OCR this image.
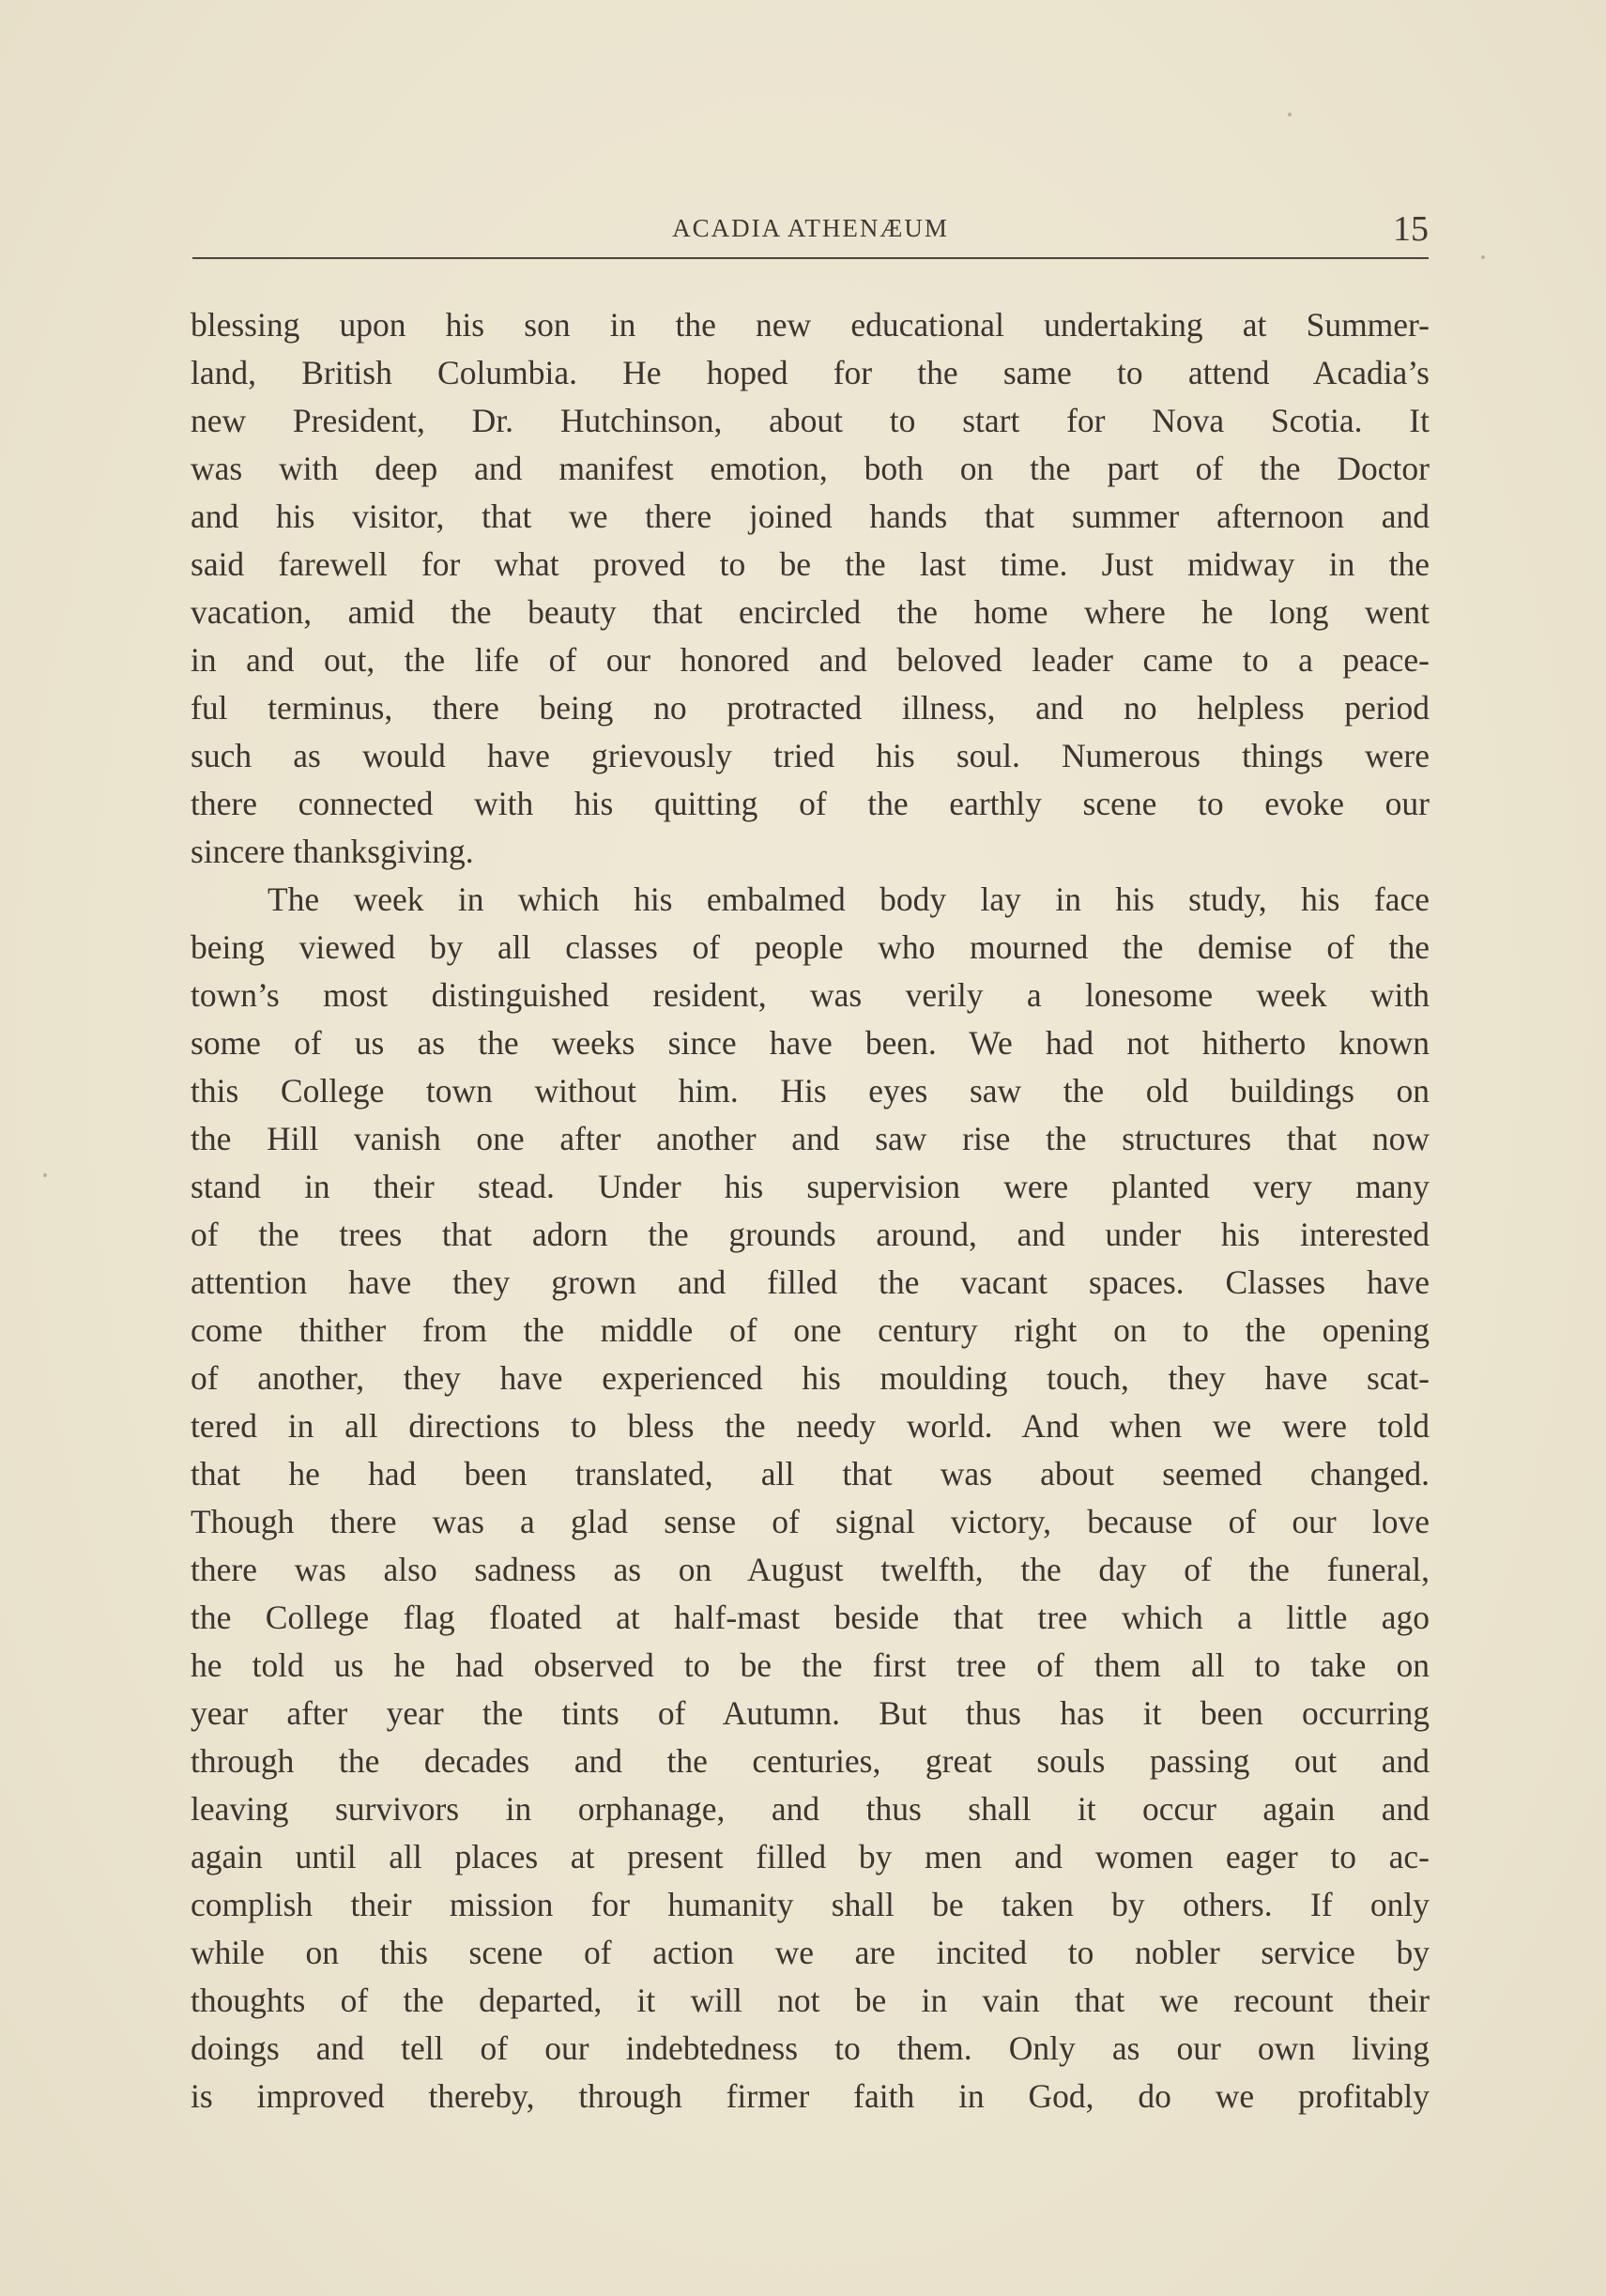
ACADIA ATHENÆUM	15
blessing upon his son in the new educational undertaking at Summer-
land, British Columbia. He hoped for the same to attend Acadia’s
new President, Dr. Hutchinson, about to start for Nova Scotia. It
was with deep and manifest emotion, both on the part of the Doctor
and his visitor, that we there joined hands that summer afternoon and
said farewell for what proved to be the last time. Just midway in the
vacation, amid the beauty that encircled the home where he long went
in and out, the life of our honored and beloved leader came to a peace-
ful terminus, there being no protracted illness, and no helpless period
such as would have grievously tried his soul. Numerous things were
there connected with his quitting of the earthly scene to evoke our
sincere thanksgiving.
The week in which his embalmed body lay in his study, his face
being viewed by all classes of people who mourned the demise of the
town’s most distinguished resident, was verily a lonesome week with
some of us as the weeks since have been. We had not hitherto known
this College town without him. His eyes saw the old buildings on
the Hill vanish one after another and saw rise the structures that now
stand in their stead. Under his supervision were planted very many
of the trees that adorn the grounds around, and under his interested
attention have they grown and filled the vacant spaces. Classes have
come thither from the middle of one century right on to the opening
of another, they have experienced his moulding touch, they have scat-
tered in all directions to bless the needy world. And when we were told
that he had been translated, all that was about seemed changed.
Though there was a glad sense of signal victory, because of our love
there was also sadness as on August twelfth, the day of the funeral,
the College flag floated at half-mast beside that tree which a little ago
he told us he had observed to be the first tree of them all to take on
year after year the tints of Autumn. But thus has it been occurring
through the decades and the centuries, great souls passing out and
leaving survivors in orphanage, and thus shall it occur again and
again until all places at present filled by men and women eager to ac-
complish their mission for humanity shall be taken by others. If only
while on this scene of action we are incited to nobler service by
thoughts of the departed, it will not be in vain that we recount their
doings and tell of our indebtedness to them. Only as our own living
is improved thereby, through firmer faith in God, do we profitably
